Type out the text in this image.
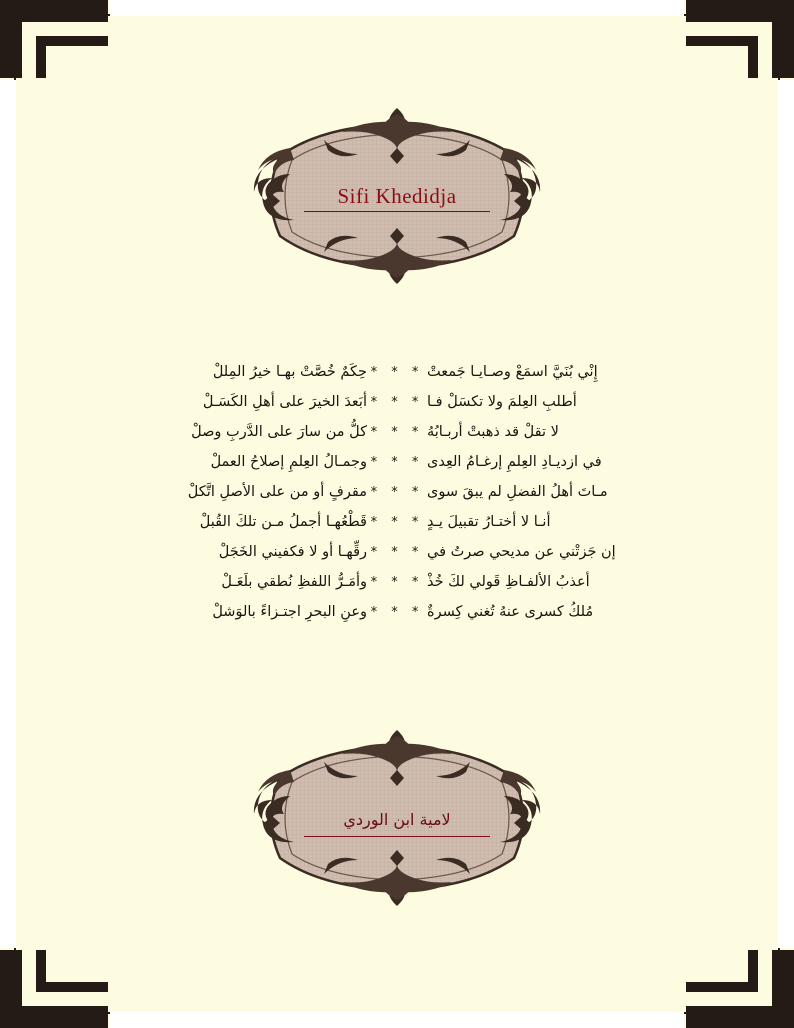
Sifi Khedidja
إِنْي بُنَيَّ اسمَعْ وصـايـا جَمعتْ
* * *
حِكَمٌ خُصَّتْ بهـا خيرُ المِللْ
أطلبِ العِلمَ ولا تكسَلْ فـا
* * *
أبَعدَ الخيرَ على أهلِ الكَسَـلْ
لا تقلْ قد ذهبتْ أربـابُهُ
* * *
كلُّ من سارَ على الدَّربِ وصلْ
في ازديـادِ العِلمِ إرغـامُ العِدى
* * *
وجمـالُ العِلمِ إصلاحُ العملْ
مـاتَ أهلُ الفضلِ لم يبقَ سوى
* * *
مقرفٍ أو من على الأصلِ اتَّكلْ
أنـا لا أختـارُ تقبيلَ يـدٍ
* * *
قَطْعُهـا أجملُ مـن تلكَ القُبلْ
إن جَزتْني عن مديحي صرتُ في
* * *
رقِّهـا أو لا فكفيني الخَجَلْ
أعذبُ الألفـاظِ قَولي لكَ خُذْ
* * *
وأمَـرُّ اللفظِ نُطقي بلَعَـلْ
مُلكُ كسرى عنهُ تُغني كِسرةٌ
* * *
وعنِ البحرِ اجتـزاءً بالوَشلْ
لامية ابن الوردي
